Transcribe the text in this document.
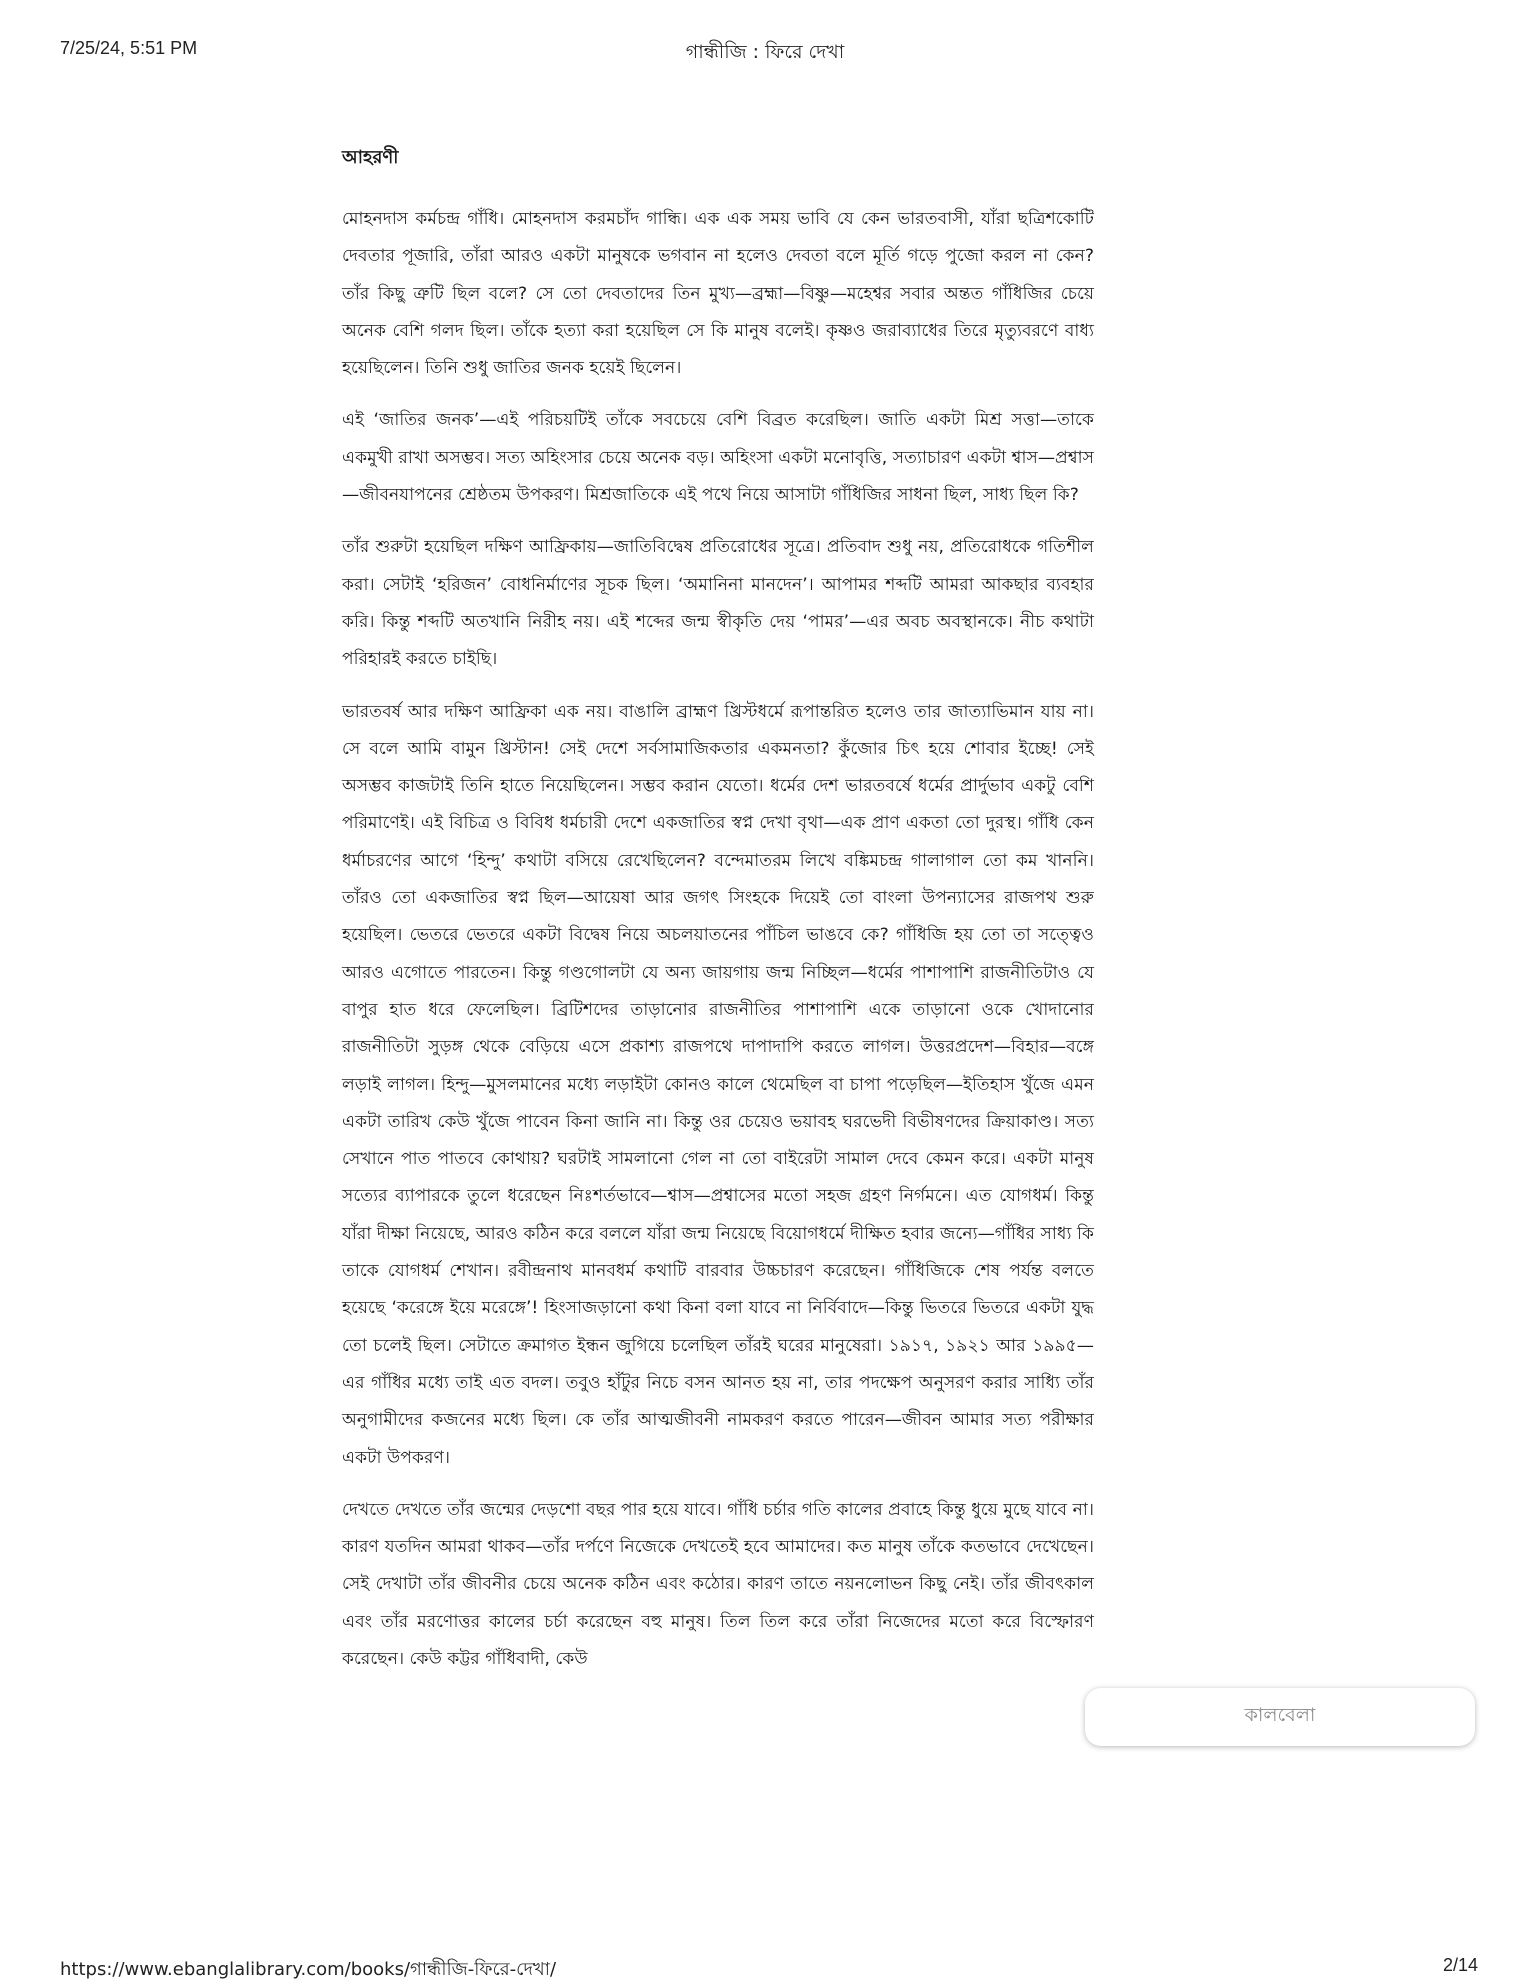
7/25/24, 5:51 PM	গান্ধীজি : ফিরে দেখা
আহরণী

মোহনদাস কর্মচন্দ্র গাঁধি। মোহনদাস করমচাঁদ গান্ধি। এক এক সময় ভাবি যে কেন ভারতবাসী, যাঁরা ছত্রিশকোটি দেবতার পূজারি, তাঁরা আরও একটা মানুষকে ভগবান না হলেও দেবতা বলে মূর্তি গড়ে পুজো করল না কেন? তাঁর কিছু ত্রুটি ছিল বলে? সে তো দেবতাদের তিন মুখ্য—ব্রহ্মা—বিষ্ণু—মহেশ্বর সবার অন্তত গাঁধিজির চেয়ে অনেক বেশি গলদ ছিল। তাঁকে হত্যা করা হয়েছিল সে কি মানুষ বলেই। কৃষ্ণও জরাব্যাধের তিরে মৃত্যুবরণে বাধ্য হয়েছিলেন। তিনি শুধু জাতির জনক হয়েই ছিলেন।

এই ‘জাতির জনক’—এই পরিচয়টিই তাঁকে সবচেয়ে বেশি বিব্রত করেছিল। জাতি একটা মিশ্র সত্তা—তাকে একমুখী রাখা অসম্ভব। সত্য অহিংসার চেয়ে অনেক বড়। অহিংসা একটা মনোবৃত্তি, সত্যাচারণ একটা শ্বাস—প্রশ্বাস—জীবনযাপনের শ্রেষ্ঠতম উপকরণ। মিশ্রজাতিকে এই পথে নিয়ে আসাটা গাঁধিজির সাধনা ছিল, সাধ্য ছিল কি?

তাঁর শুরুটা হয়েছিল দক্ষিণ আফ্রিকায়—জাতিবিদ্বেষ প্রতিরোধের সূত্রে। প্রতিবাদ শুধু নয়, প্রতিরোধকে গতিশীল করা। সেটাই ‘হরিজন’ বোধনির্মাণের সূচক ছিল। ‘অমানিনা মানদেন’। আপামর শব্দটি আমরা আকছার ব্যবহার করি। কিন্তু শব্দটি অতখানি নিরীহ নয়। এই শব্দের জন্ম স্বীকৃতি দেয় ‘পামর’—এর অবচ অবস্থানকে। নীচ কথাটা পরিহারই করতে চাইছি।

ভারতবর্ষ আর দক্ষিণ আফ্রিকা এক নয়। বাঙালি ব্রাহ্মণ খ্রিস্টধর্মে রূপান্তরিত হলেও তার জাত্যাভিমান যায় না। সে বলে আমি বামুন খ্রিস্টান! সেই দেশে সর্বসামাজিকতার একমনতা? কুঁজোর চিৎ হয়ে শোবার ইচ্ছে! সেই অসম্ভব কাজটাই তিনি হাতে নিয়েছিলেন। সম্ভব করান যেতো। ধর্মের দেশ ভারতবর্ষে ধর্মের প্রার্দুভাব একটু বেশি পরিমাণেই। এই বিচিত্র ও বিবিধ ধর্মচারী দেশে একজাতির স্বপ্ন দেখা বৃথা—এক প্রাণ একতা তো দুরস্থ। গাঁধি কেন ধর্মাচরণের আগে ‘হিন্দু’ কথাটা বসিয়ে রেখেছিলেন? বন্দেমাতরম লিখে বঙ্কিমচন্দ্র গালাগাল তো কম খাননি। তাঁরও তো একজাতির স্বপ্ন ছিল—আয়েষা আর জগৎ সিংহকে দিয়েই তো বাংলা উপন্যাসের রাজপথ শুরু হয়েছিল। ভেতরে ভেতরে একটা বিদ্বেষ নিয়ে অচলয়াতনের পাঁচিল ভাঙবে কে? গাঁধিজি হয় তো তা সত্ত্বেও আরও এগোতে পারতেন। কিন্তু গণ্ডগোলটা যে অন্য জায়গায় জন্ম নিচ্ছিল—ধর্মের পাশাপাশি রাজনীতিটাও যে বাপুর হাত ধরে ফেলেছিল। ব্রিটিশদের তাড়ানোর রাজনীতির পাশাপাশি একে তাড়ানো ওকে খোদানোর রাজনীতিটা সুড়ঙ্গ থেকে বেড়িয়ে এসে প্রকাশ্য রাজপথে দাপাদাপি করতে লাগল। উত্তরপ্রদেশ—বিহার—বঙ্গে লড়াই লাগল। হিন্দু—মুসলমানের মধ্যে লড়াইটা কোনও কালে থেমেছিল বা চাপা পড়েছিল—ইতিহাস খুঁজে এমন একটা তারিখ কেউ খুঁজে পাবেন কিনা জানি না। কিন্তু ওর চেয়েও ভয়াবহ ঘরভেদী বিভীষণদের ক্রিয়াকাণ্ড। সত্য সেখানে পাত পাতবে কোথায়? ঘরটাই সামলানো গেল না তো বাইরেটা সামাল দেবে কেমন করে। একটা মানুষ সত্যের ব্যাপারকে তুলে ধরেছেন নিঃশর্তভাবে—শ্বাস—প্রশ্বাসের মতো সহজ গ্রহণ নির্গমনে। এত যোগধর্ম। কিন্তু যাঁরা দীক্ষা নিয়েছে, আরও কঠিন করে বললে যাঁরা জন্ম নিয়েছে বিয়োগধর্মে দীক্ষিত হবার জন্যে—গাঁধির সাধ্য কি তাকে যোগধর্ম শেখান। রবীন্দ্রনাথ মানবধর্ম কথাটি বারবার উচ্চচারণ করেছেন। গাঁধিজিকে শেষ পর্যন্ত বলতে হয়েছে ‘করেঙ্গে ইয়ে মরেঙ্গে’! হিংসাজড়ানো কথা কিনা বলা যাবে না নির্বিবাদে—কিন্তু ভিতরে ভিতরে একটা যুদ্ধ তো চলেই ছিল। সেটাতে ক্রমাগত ইন্ধন জুগিয়ে চলেছিল তাঁরই ঘরের মানুষেরা। ১৯১৭, ১৯২১ আর ১৯৯৫—এর গাঁধির মধ্যে তাই এত বদল। তবুও হাঁটুর নিচে বসন আনত হয় না, তার পদক্ষেপ অনুসরণ করার সাধ্যি তাঁর অনুগামীদের কজনের মধ্যে ছিল। কে তাঁর আত্মজীবনী নামকরণ করতে পারেন—জীবন আমার সত্য পরীক্ষার একটা উপকরণ।

দেখতে দেখতে তাঁর জন্মের দেড়শো বছর পার হয়ে যাবে। গাঁধি চর্চার গতি কালের প্রবাহে কিন্তু ধুয়ে মুছে যাবে না। কারণ যতদিন আমরা থাকব—তাঁর দর্পণে নিজেকে দেখতেই হবে আমাদের। কত মানুষ তাঁকে কতভাবে দেখেছেন। সেই দেখাটা তাঁর জীবনীর চেয়ে অনেক কঠিন এবং কঠোর। কারণ তাতে নয়নলোভন কিছু নেই। তাঁর জীবৎকাল এবং তাঁর মরণোত্তর কালের চর্চা করেছেন বহু মানুষ। তিল তিল করে তাঁরা নিজেদের মতো করে বিস্ফোরণ করেছেন। কেউ কট্টর গাঁধিবাদী, কেউ

কালবেলা
https://www.ebanglalibrary.com/books/গান্ধীজি-ফিরে-দেখা/	2/14
